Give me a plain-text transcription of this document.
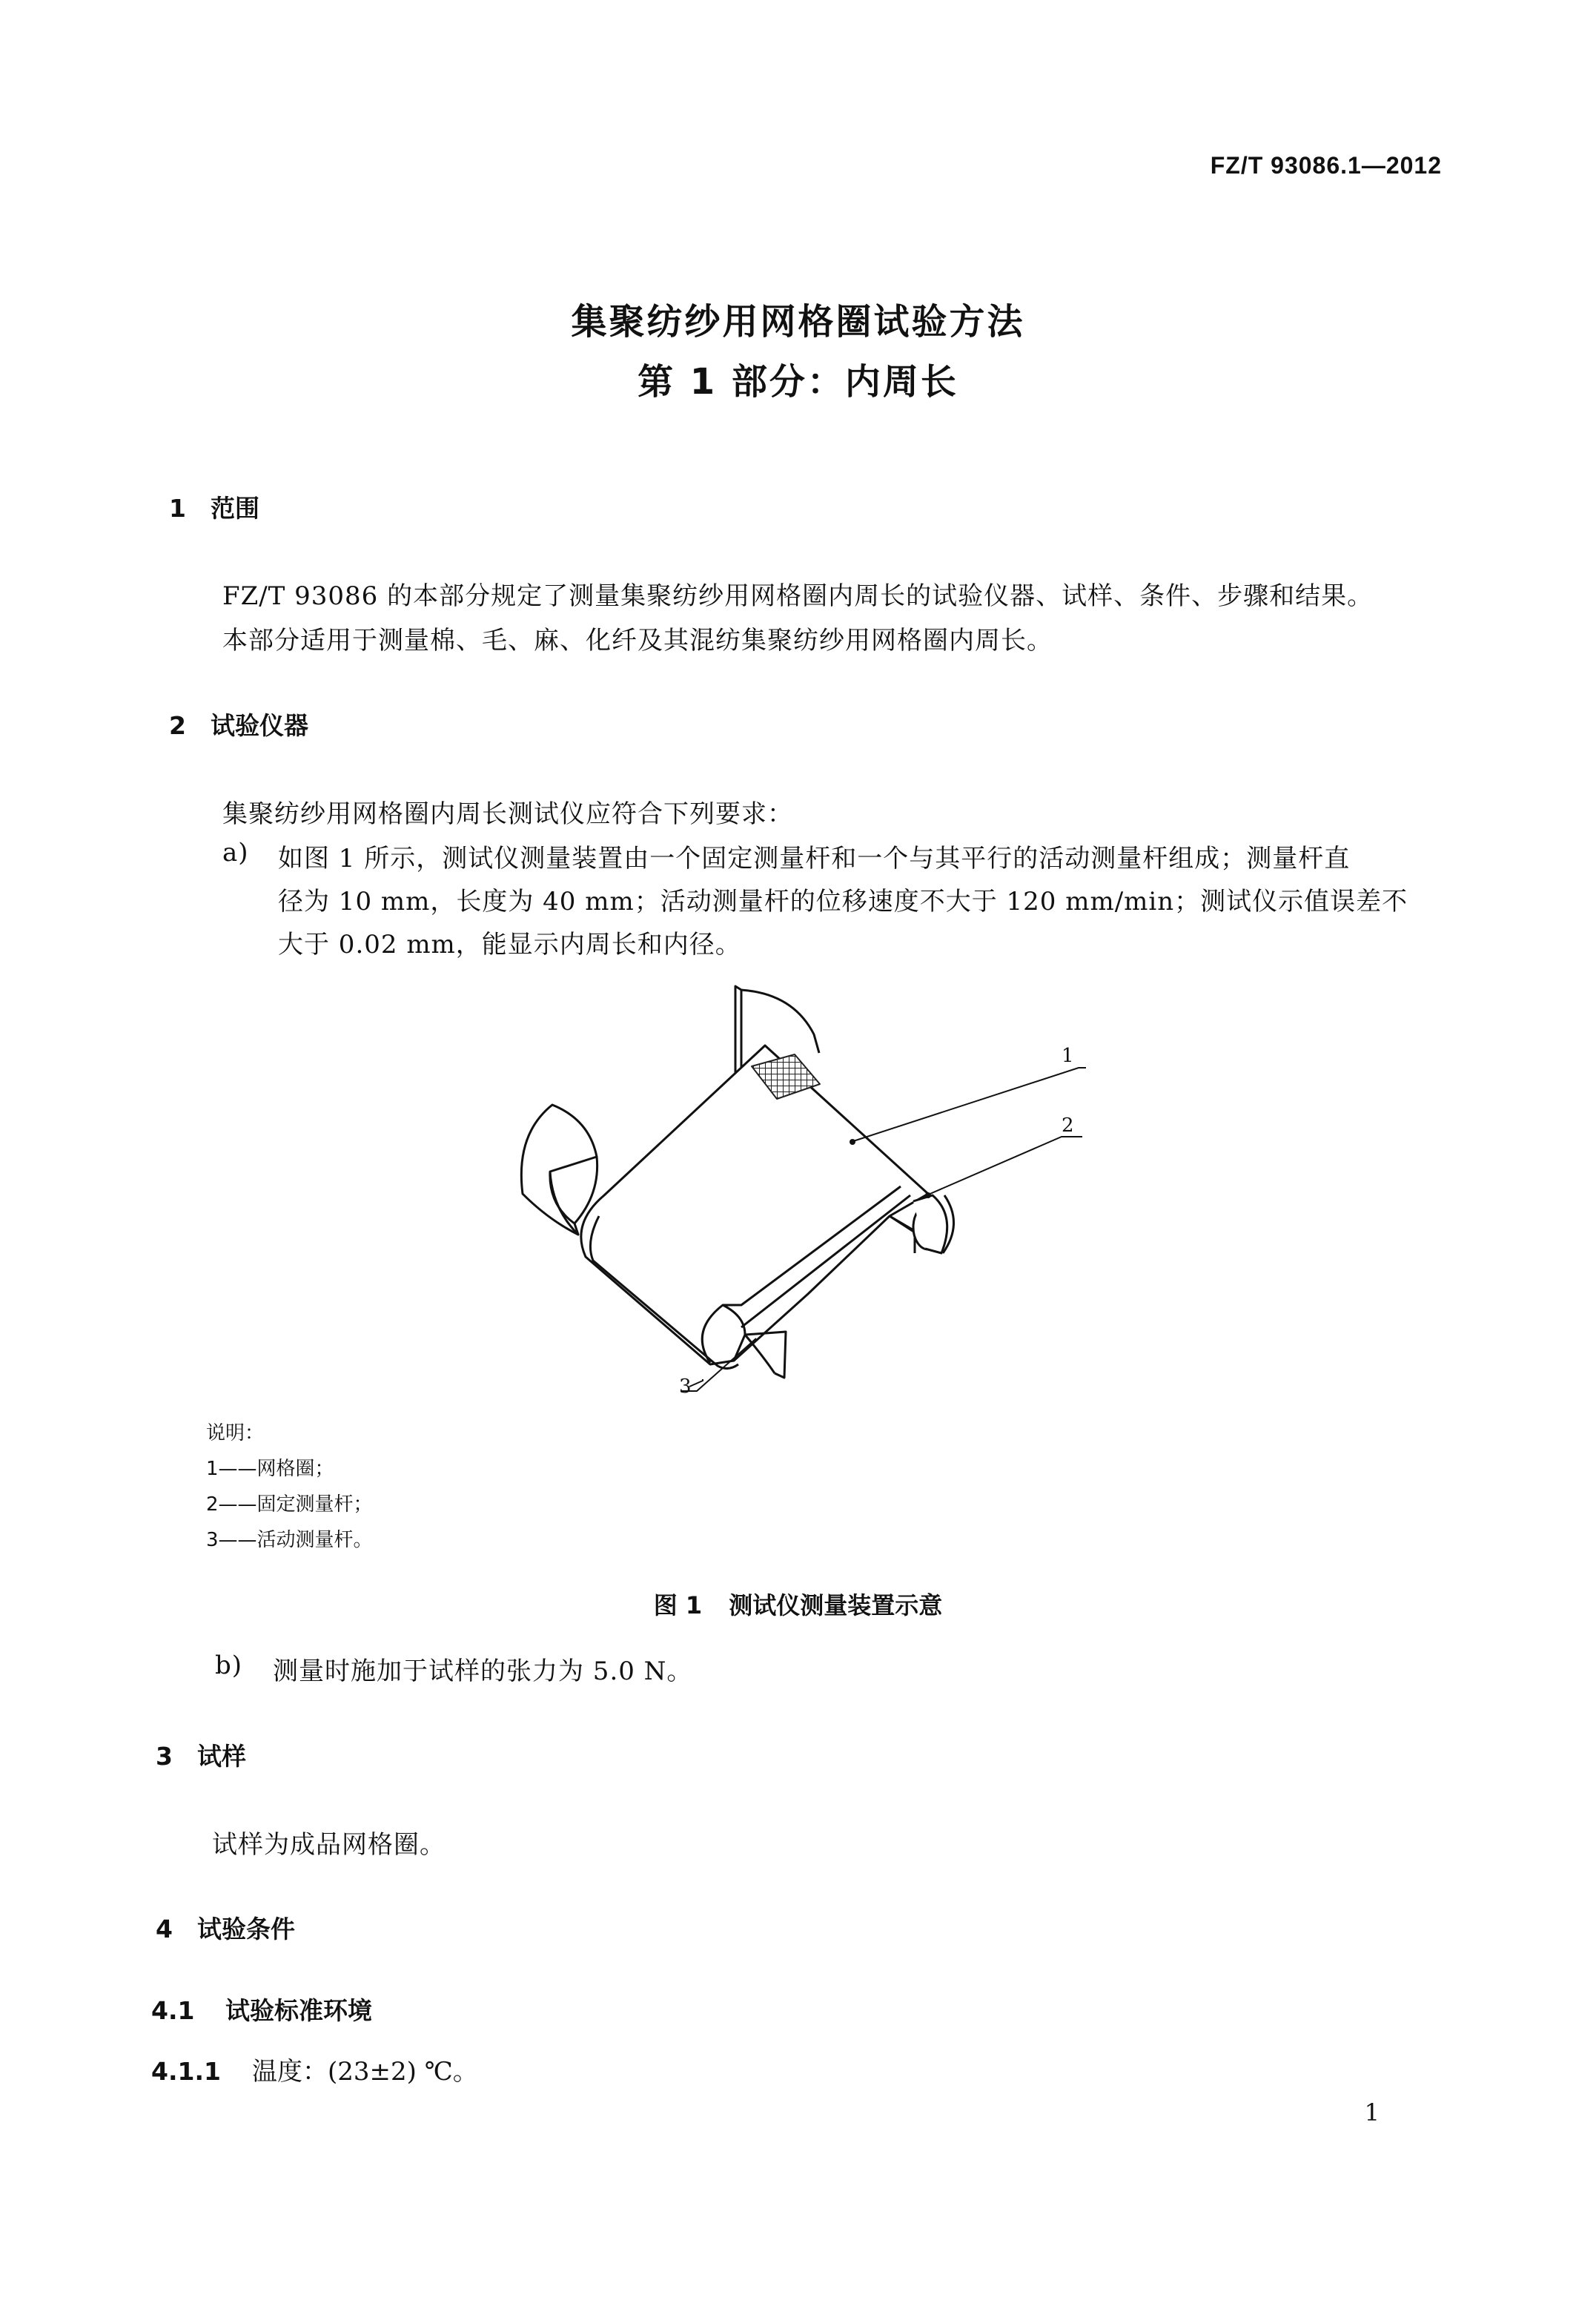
FZ/T 93086.1—2012
集聚纺纱用网格圈试验方法
第 1 部分：内周长
1 范围
FZ/T 93086 的本部分规定了测量集聚纺纱用网格圈内周长的试验仪器、试样、条件、步骤和结果。
本部分适用于测量棉、毛、麻、化纤及其混纺集聚纺纱用网格圈内周长。
2 试验仪器
集聚纺纱用网格圈内周长测试仪应符合下列要求：
a) 如图 1 所示，测试仪测量装置由一个固定测量杆和一个与其平行的活动测量杆组成；测量杆直
径为 10 mm，长度为 40 mm；活动测量杆的位移速度不大于 120 mm/min；测试仪示值误差不
大于 0.02 mm，能显示内周长和内径。
1
2
3
说明：
1——网格圈；
2——固定测量杆；
3——活动测量杆。
图 1 测试仪测量装置示意
b) 测量时施加于试样的张力为 5.0 N。
3 试样
试样为成品网格圈。
4 试验条件
4.1 试验标准环境
4.1.1 温度：(23±2) ℃。
1
